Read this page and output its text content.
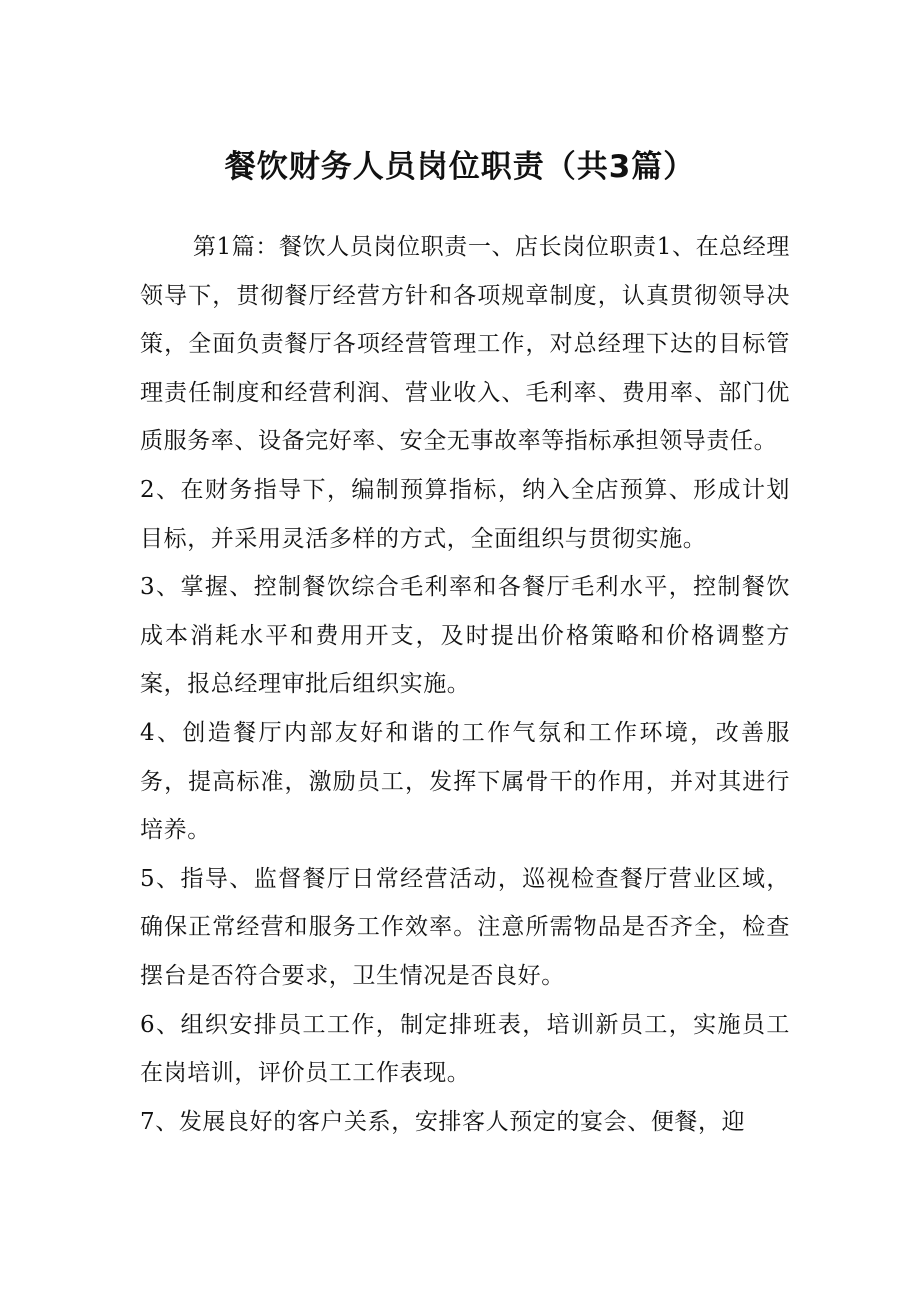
餐饮财务人员岗位职责（共3篇）

第1篇：餐饮人员岗位职责一、店长岗位职责1、在总经理领导下，贯彻餐厅经营方针和各项规章制度，认真贯彻领导决策，全面负责餐厅各项经营管理工作，对总经理下达的目标管理责任制度和经营利润、营业收入、毛利率、费用率、部门优质服务率、设备完好率、安全无事故率等指标承担领导责任。

2、在财务指导下，编制预算指标，纳入全店预算、形成计划目标，并采用灵活多样的方式，全面组织与贯彻实施。

3、掌握、控制餐饮综合毛利率和各餐厅毛利水平，控制餐饮成本消耗水平和费用开支，及时提出价格策略和价格调整方案，报总经理审批后组织实施。

4、创造餐厅内部友好和谐的工作气氛和工作环境，改善服务，提高标准，激励员工，发挥下属骨干的作用，并对其进行培养。

5、指导、监督餐厅日常经营活动，巡视检查餐厅营业区域，确保正常经营和服务工作效率。注意所需物品是否齐全，检查摆台是否符合要求，卫生情况是否良好。

6、组织安排员工工作，制定排班表，培训新员工，实施员工在岗培训，评价员工工作表现。

7、发展良好的客户关系，安排客人预定的宴会、便餐，迎
